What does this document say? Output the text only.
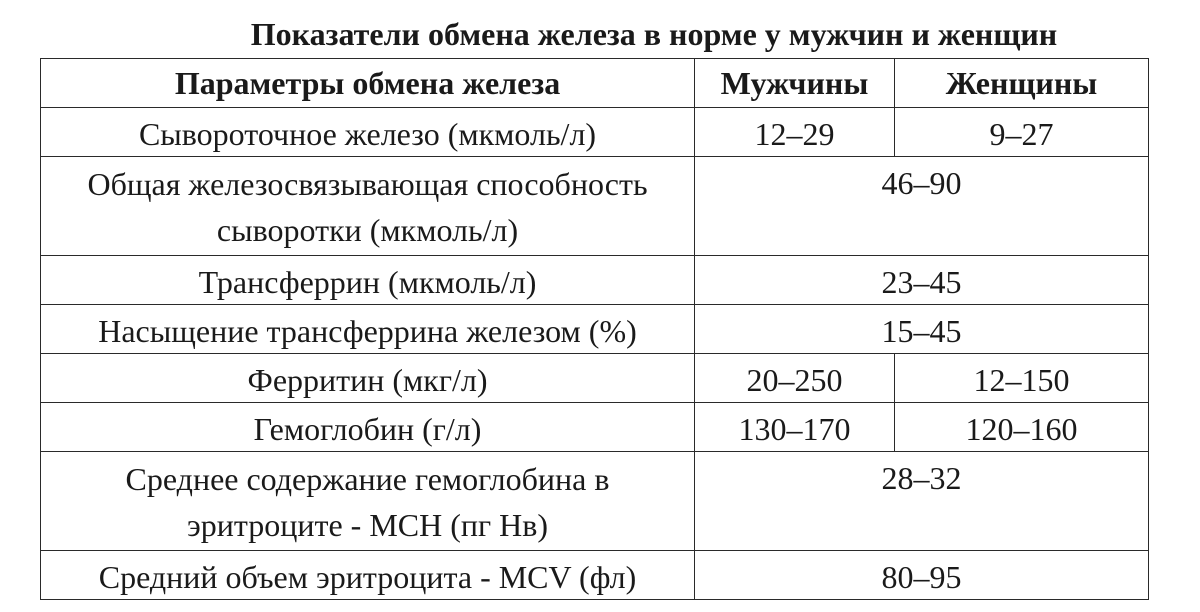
Показатели обмена железа в норме у мужчин и женщин
Параметры обмена железа	Мужчины	Женщины
Сывороточное железо (мкмоль/л)	12–29	9–27
Общая железосвязывающая способность
сыворотки (мкмоль/л)	46–90	
Трансферрин (мкмоль/л)	23–45	
Насыщение трансферрина железом (%)	15–45	
Ферритин (мкг/л)	20–250	12–150
Гемоглобин (г/л)	130–170	120–160
Среднее содержание гемоглобина в
эритроците - MCH (пг Нв)	28–32	
Средний объем эритроцита - MCV (фл)	80–95	
